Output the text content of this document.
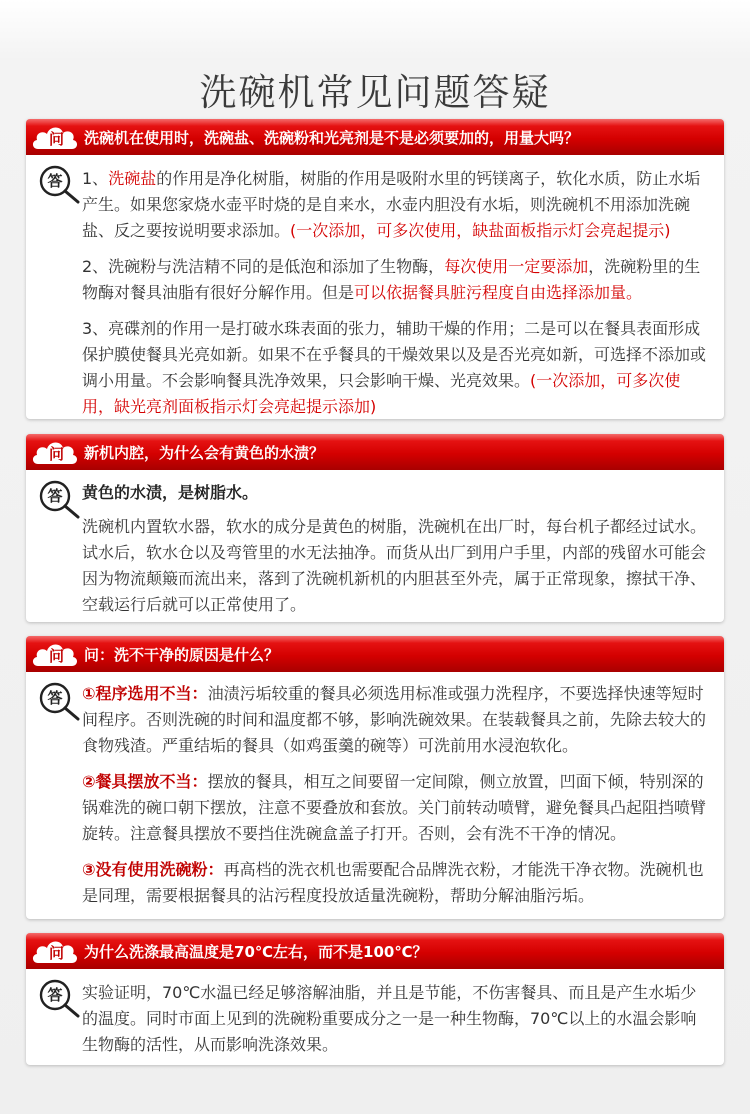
洗碗机常见问题答疑
问 洗碗机在使用时，洗碗盐、洗碗粉和光亮剂是不是必须要加的，用量大吗？
答	1、洗碗盐的作用是净化树脂，树脂的作用是吸附水里的钙镁离子，软化水质，防止水垢产生。如果您家烧水壶平时烧的是自来水，水壶内胆没有水垢，则洗碗机不用添加洗碗盐、反之要按说明要求添加。(一次添加，可多次使用，缺盐面板指示灯会亮起提示)

2、洗碗粉与洗洁精不同的是低泡和添加了生物酶，每次使用一定要添加，洗碗粉里的生物酶对餐具油脂有很好分解作用。但是可以依据餐具脏污程度自由选择添加量。

3、亮碟剂的作用一是打破水珠表面的张力，辅助干燥的作用；二是可以在餐具表面形成保护膜使餐具光亮如新。如果不在乎餐具的干燥效果以及是否光亮如新，可选择不添加或调小用量。不会影响餐具洗净效果，只会影响干燥、光亮效果。(一次添加，可多次使用，缺光亮剂面板指示灯会亮起提示添加)

问 新机内腔，为什么会有黄色的水渍？
答	黄色的水渍，是树脂水。

洗碗机内置软水器，软水的成分是黄色的树脂，洗碗机在出厂时，每台机子都经过试水。试水后，软水仓以及弯管里的水无法抽净。而货从出厂到用户手里，内部的残留水可能会因为物流颠簸而流出来，落到了洗碗机新机的内胆甚至外壳，属于正常现象，擦拭干净、空载运行后就可以正常使用了。

问 问：洗不干净的原因是什么？
答	①程序选用不当：油渍污垢较重的餐具必须选用标准或强力洗程序，不要选择快速等短时间程序。否则洗碗的时间和温度都不够，影响洗碗效果。在装载餐具之前，先除去较大的食物残渣。严重结垢的餐具（如鸡蛋羹的碗等）可洗前用水浸泡软化。

②餐具摆放不当：摆放的餐具，相互之间要留一定间隙，侧立放置，凹面下倾，特别深的锅难洗的碗口朝下摆放，注意不要叠放和套放。关门前转动喷臂，避免餐具凸起阻挡喷臂旋转。注意餐具摆放不要挡住洗碗盒盖子打开。否则，会有洗不干净的情况。

③没有使用洗碗粉：再高档的洗衣机也需要配合品牌洗衣粉，才能洗干净衣物。洗碗机也是同理，需要根据餐具的沾污程度投放适量洗碗粉，帮助分解油脂污垢。

问 为什么洗涤最高温度是70℃左右，而不是100℃？
答	实验证明，70℃水温已经足够溶解油脂，并且是节能，不伤害餐具、而且是产生水垢少的温度。同时市面上见到的洗碗粉重要成分之一是一种生物酶，70℃以上的水温会影响生物酶的活性，从而影响洗涤效果。
